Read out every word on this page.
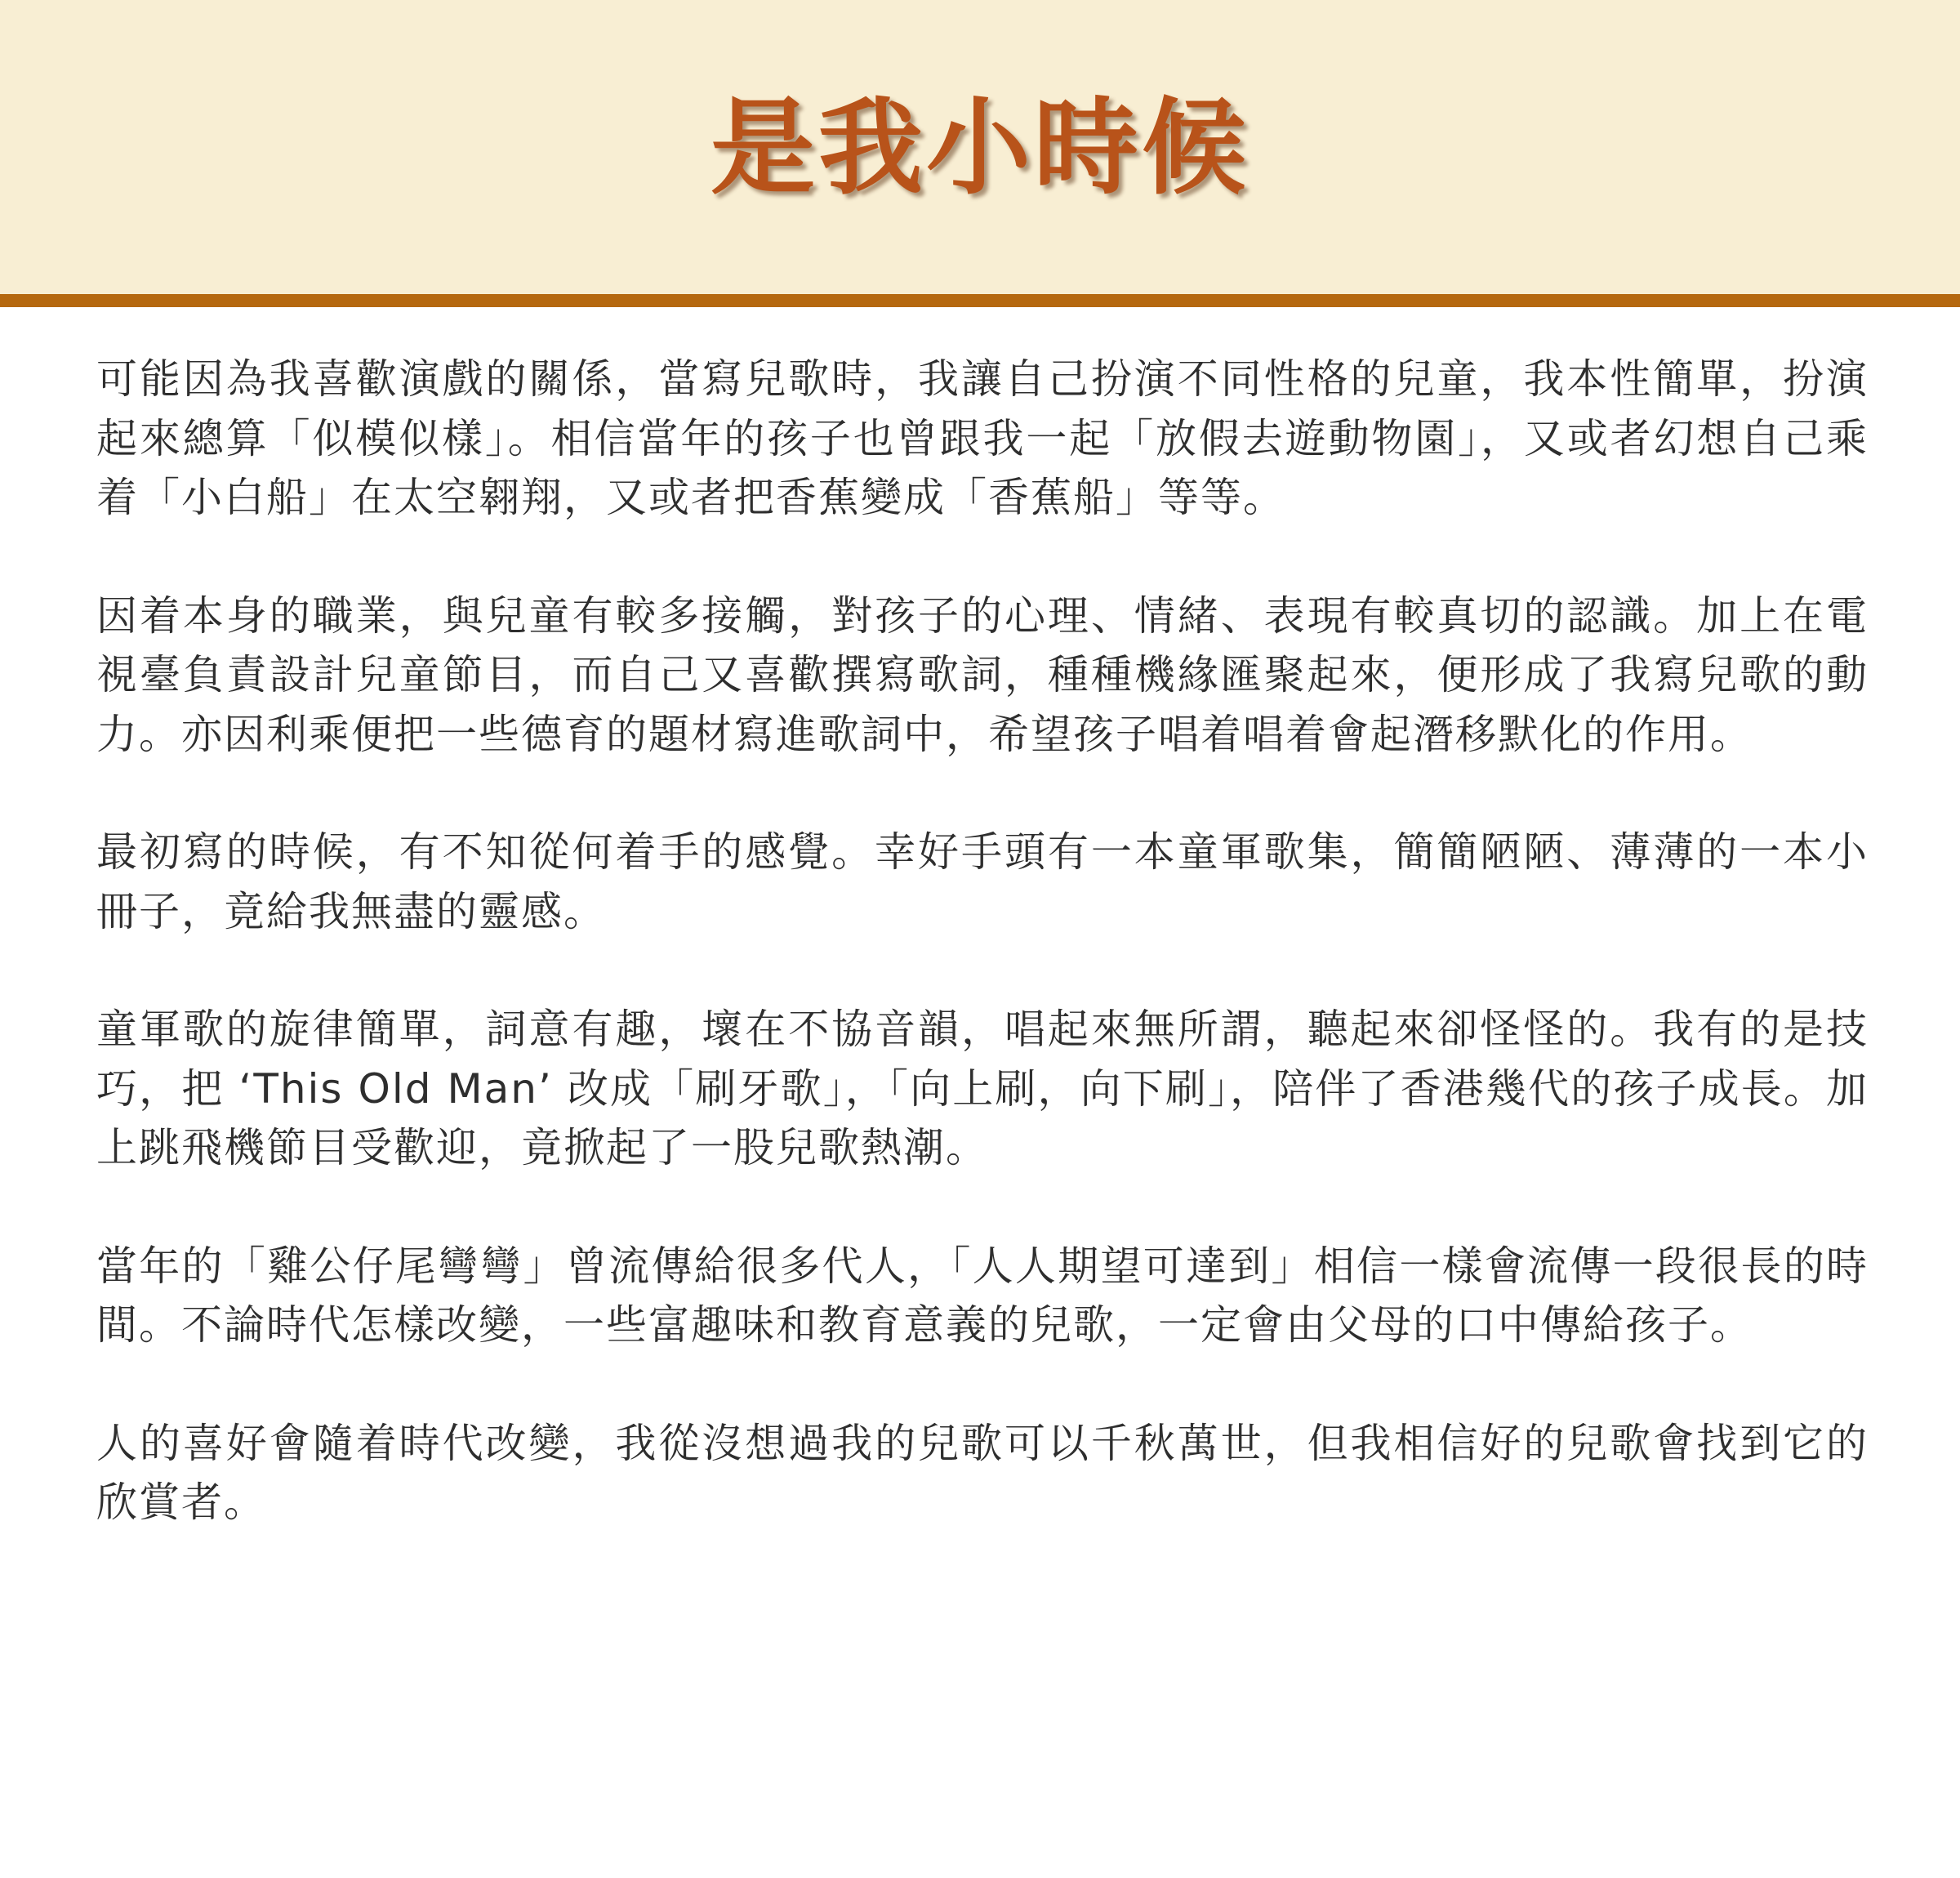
是我小時候

可能因為我喜歡演戲的關係，當寫兒歌時，我讓自己扮演不同性格的兒童，我本性簡單，扮演起來總算「似模似樣」。相信當年的孩子也曾跟我一起「放假去遊動物園」，又或者幻想自己乘着「小白船」在太空翱翔，又或者把香蕉變成「香蕉船」等等。

因着本身的職業，與兒童有較多接觸，對孩子的心理、情緒、表現有較真切的認識。加上在電視臺負責設計兒童節目，而自己又喜歡撰寫歌詞，種種機緣匯聚起來，便形成了我寫兒歌的動力。亦因利乘便把一些德育的題材寫進歌詞中，希望孩子唱着唱着會起潛移默化的作用。

最初寫的時候，有不知從何着手的感覺。幸好手頭有一本童軍歌集，簡簡陋陋、薄薄的一本小冊子，竟給我無盡的靈感。

童軍歌的旋律簡單，詞意有趣，壞在不協音韻，唱起來無所謂，聽起來卻怪怪的。我有的是技巧，把 ‘This Old Man’ 改成「刷牙歌」，「向上刷，向下刷」，陪伴了香港幾代的孩子成長。加上跳飛機節目受歡迎，竟掀起了一股兒歌熱潮。

當年的「雞公仔尾彎彎」曾流傳給很多代人，「人人期望可達到」相信一樣會流傳一段很長的時間。不論時代怎樣改變，一些富趣味和教育意義的兒歌，一定會由父母的口中傳給孩子。

人的喜好會隨着時代改變，我從沒想過我的兒歌可以千秋萬世，但我相信好的兒歌會找到它的欣賞者。
